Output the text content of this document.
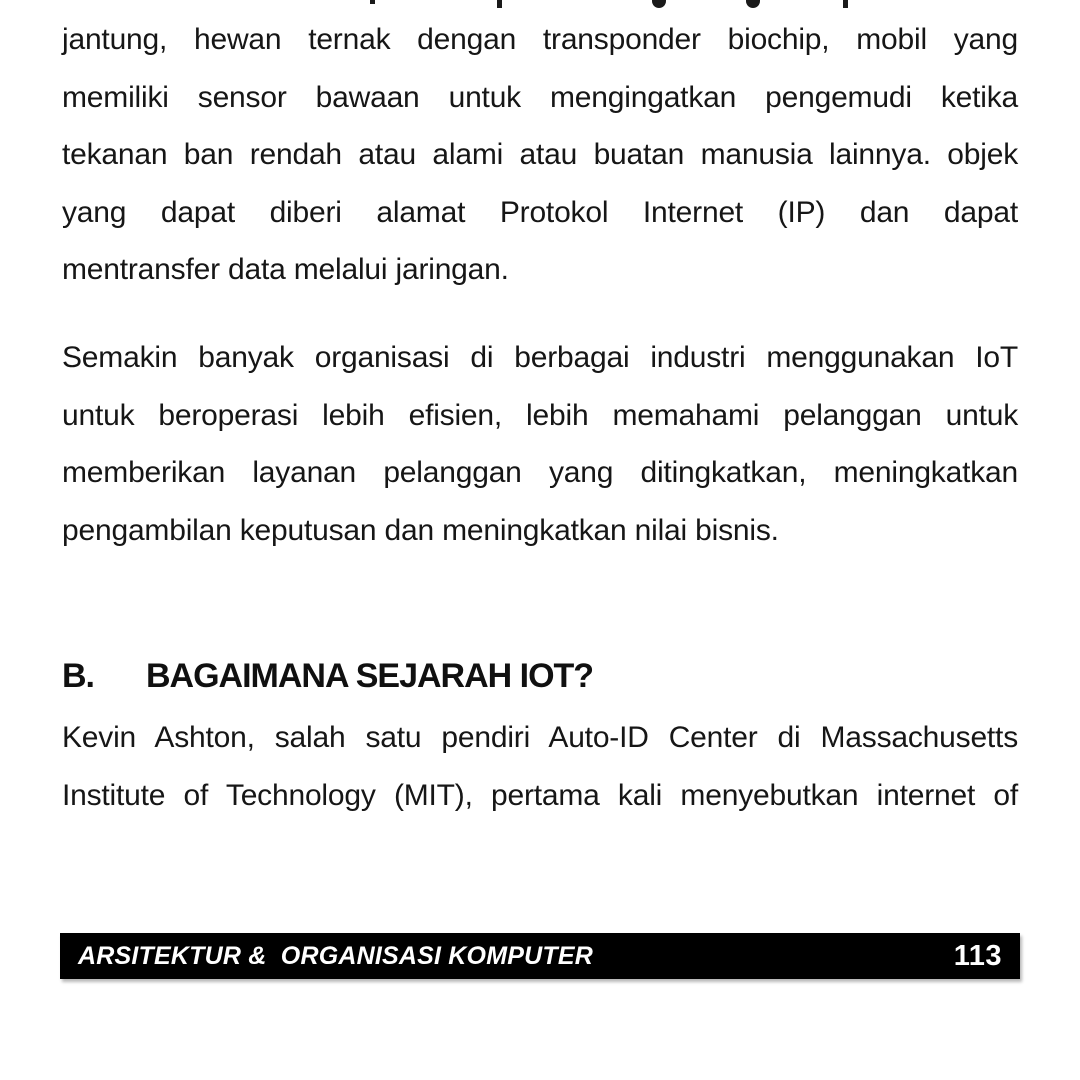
jantung, hewan ternak dengan transponder biochip, mobil yang
memiliki sensor bawaan untuk mengingatkan pengemudi ketika
tekanan ban rendah atau alami atau buatan manusia lainnya. objek
yang dapat diberi alamat Protokol Internet (IP) dan dapat
mentransfer data melalui jaringan.
Semakin banyak organisasi di berbagai industri menggunakan IoT
untuk beroperasi lebih efisien, lebih memahami pelanggan untuk
memberikan layanan pelanggan yang ditingkatkan, meningkatkan
pengambilan keputusan dan meningkatkan nilai bisnis.
B. BAGAIMANA SEJARAH IOT?
Kevin Ashton, salah satu pendiri Auto-ID Center di Massachusetts
Institute of Technology (MIT), pertama kali menyebutkan internet of
ARSITEKTUR &  ORGANISASI KOMPUTER	113
